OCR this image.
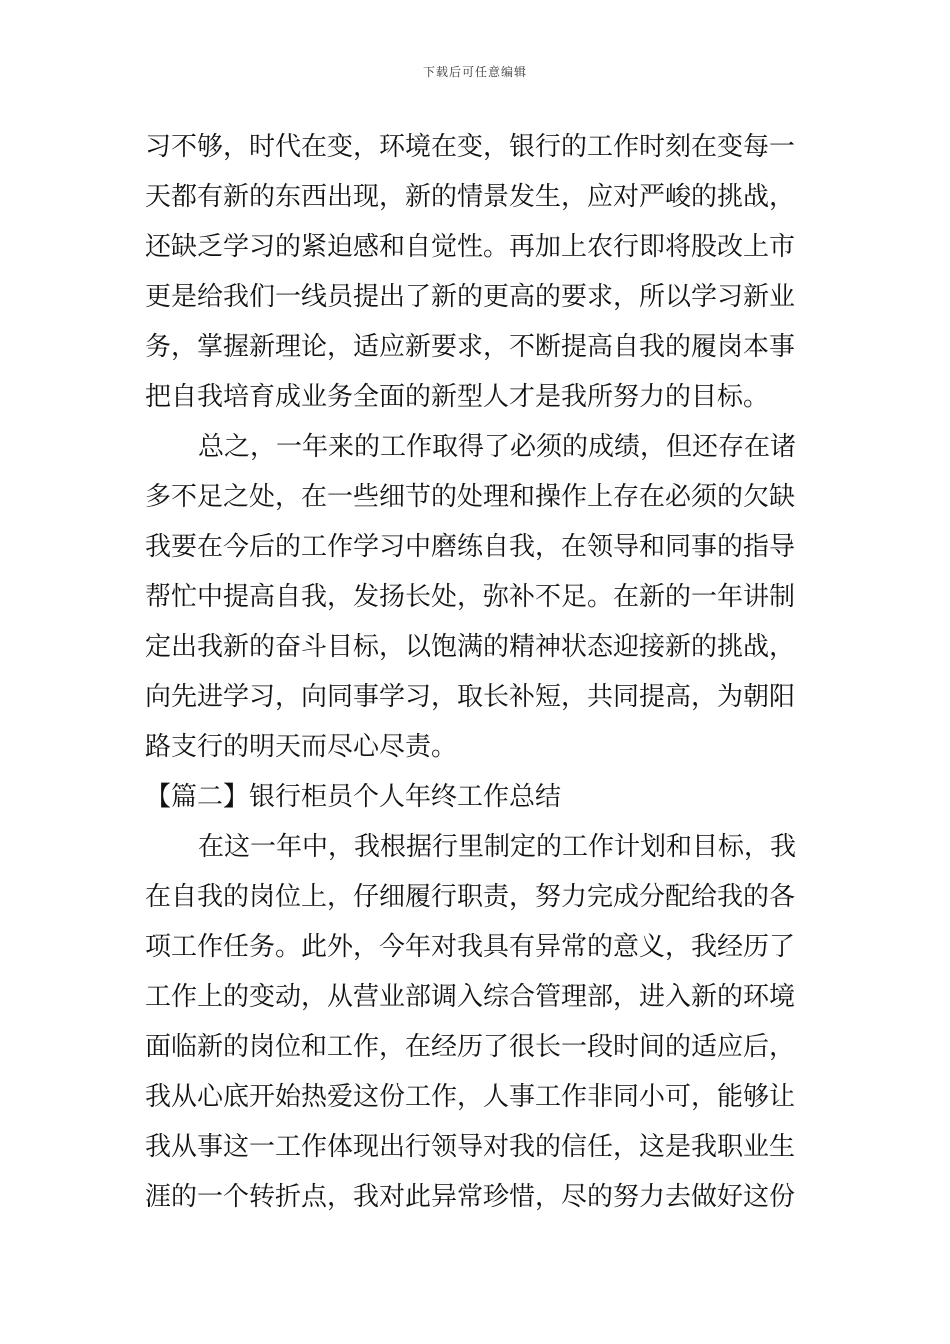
下载后可任意编辑
习不够，时代在变，环境在变，银行的工作时刻在变每一
天都有新的东西出现，新的情景发生，应对严峻的挑战，
还缺乏学习的紧迫感和自觉性。再加上农行即将股改上市
更是给我们一线员提出了新的更高的要求，所以学习新业
务，掌握新理论，适应新要求，不断提高自我的履岗本事
把自我培育成业务全面的新型人才是我所努力的目标。
总之，一年来的工作取得了必须的成绩，但还存在诸
多不足之处，在一些细节的处理和操作上存在必须的欠缺
我要在今后的工作学习中磨练自我，在领导和同事的指导
帮忙中提高自我，发扬长处，弥补不足。在新的一年讲制
定出我新的奋斗目标，以饱满的精神状态迎接新的挑战，
向先进学习，向同事学习，取长补短，共同提高，为朝阳
路支行的明天而尽心尽责。
【篇二】银行柜员个人年终工作总结
在这一年中，我根据行里制定的工作计划和目标，我
在自我的岗位上，仔细履行职责，努力完成分配给我的各
项工作任务。此外，今年对我具有异常的意义，我经历了
工作上的变动，从营业部调入综合管理部，进入新的环境
面临新的岗位和工作，在经历了很长一段时间的适应后，
我从心底开始热爱这份工作，人事工作非同小可，能够让
我从事这一工作体现出行领导对我的信任，这是我职业生
涯的一个转折点，我对此异常珍惜，尽的努力去做好这份
